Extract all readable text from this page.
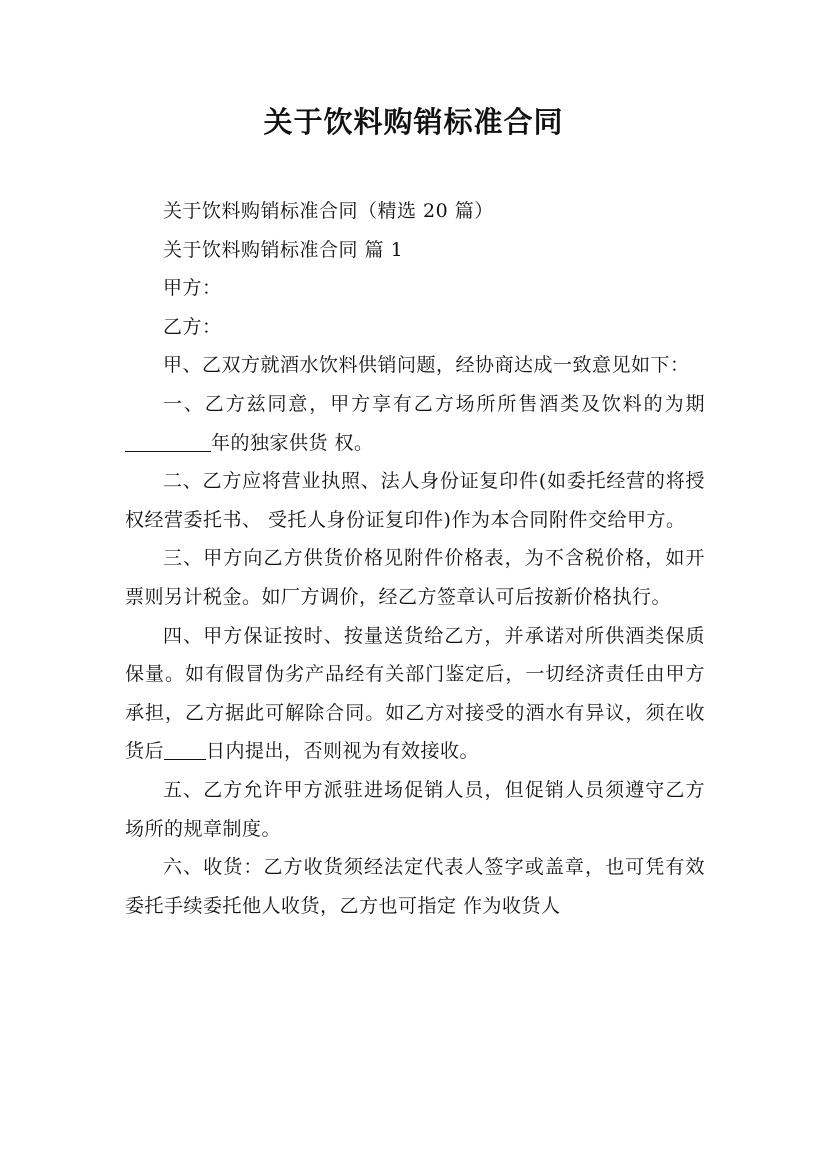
关于饮料购销标准合同

关于饮料购销标准合同（精选 20 篇）

关于饮料购销标准合同 篇 1

甲方：

乙方：

甲、乙双方就酒水饮料供销问题，经协商达成一致意见如下：

一、乙方兹同意，甲方享有乙方场所所售酒类及饮料的为期年的独家供货 权。

二、乙方应将营业执照、法人身份证复印件(如委托经营的将授权经营委托书、 受托人身份证复印件)作为本合同附件交给甲方。

三、甲方向乙方供货价格见附件价格表，为不含税价格，如开票则另计税金。如厂方调价，经乙方签章认可后按新价格执行。

四、甲方保证按时、按量送货给乙方，并承诺对所供酒类保质保量。如有假冒伪劣产品经有关部门鉴定后，一切经济责任由甲方承担，乙方据此可解除合同。如乙方对接受的酒水有异议，须在收货后 日内提出，否则视为有效接收。

五、乙方允许甲方派驻进场促销人员，但促销人员须遵守乙方场所的规章制度。

六、收货：乙方收货须经法定代表人签字或盖章，也可凭有效委托手续委托他人收货，乙方也可指定 作为收货人
